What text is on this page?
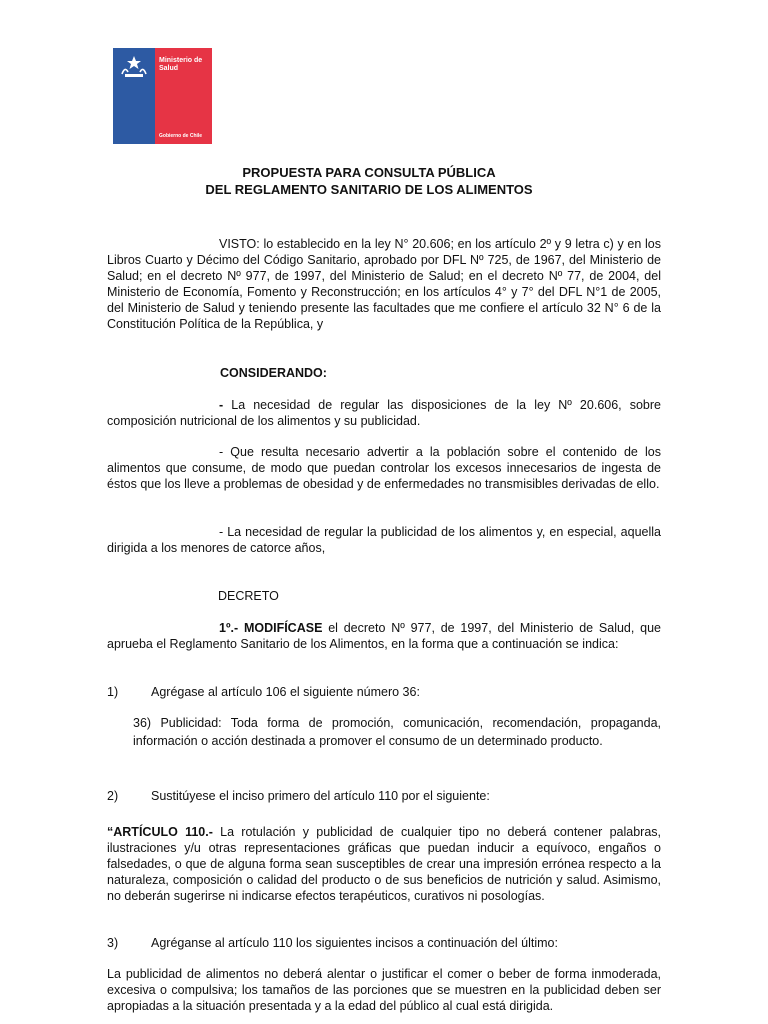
Ministerio de Salud
Gobierno de Chile
PROPUESTA PARA CONSULTA PÚBLICA
DEL REGLAMENTO SANITARIO DE LOS ALIMENTOS
VISTO: lo establecido en la ley N° 20.606; en los artículo 2º y 9 letra c) y en los Libros Cuarto y Décimo del Código Sanitario, aprobado por DFL Nº 725, de 1967, del Ministerio de Salud; en el decreto Nº 977, de 1997, del Ministerio de Salud; en el decreto Nº 77, de 2004, del Ministerio de Economía, Fomento y Reconstrucción; en los artículos 4° y 7° del DFL N°1 de 2005, del Ministerio de Salud y teniendo presente las facultades que me confiere el artículo 32 N° 6 de la Constitución Política de la República, y
CONSIDERANDO:
- La necesidad de regular las disposiciones de la ley Nº 20.606, sobre composición nutricional de los alimentos y su publicidad.
- Que resulta necesario advertir a la población sobre el contenido de los alimentos que consume, de modo que puedan controlar los excesos innecesarios de ingesta de éstos que los lleve a problemas de obesidad y de enfermedades no transmisibles derivadas de ello.
- La necesidad de regular la publicidad de los alimentos y, en especial, aquella dirigida a los menores de catorce años,
DECRETO
1º.- MODIFÍCASE el decreto Nº 977, de 1997, del Ministerio de Salud, que aprueba el Reglamento Sanitario de los Alimentos, en la forma que a continuación se indica:
1)	Agrégase al artículo 106 el siguiente número 36:
36) Publicidad: Toda forma de promoción, comunicación, recomendación, propaganda, información o acción destinada a promover el consumo de un determinado producto.
2)	Sustitúyese el inciso primero del artículo 110 por el siguiente:
“ARTÍCULO 110.- La rotulación y publicidad de cualquier tipo no deberá contener palabras, ilustraciones y/u otras representaciones gráficas que puedan inducir a equívoco, engaños o falsedades, o que de alguna forma sean susceptibles de crear una impresión errónea respecto a la naturaleza, composición o calidad del producto o de sus beneficios de nutrición y salud. Asimismo, no deberán sugerirse ni indicarse efectos terapéuticos, curativos ni posologías.
3)	Agréganse al artículo 110 los siguientes incisos a continuación del último:
La publicidad de alimentos no deberá alentar o justificar el comer o beber de forma inmoderada, excesiva o compulsiva; los tamaños de las porciones que se muestren en la publicidad deben ser apropiadas a la situación presentada y a la edad del público al cual está dirigida.
